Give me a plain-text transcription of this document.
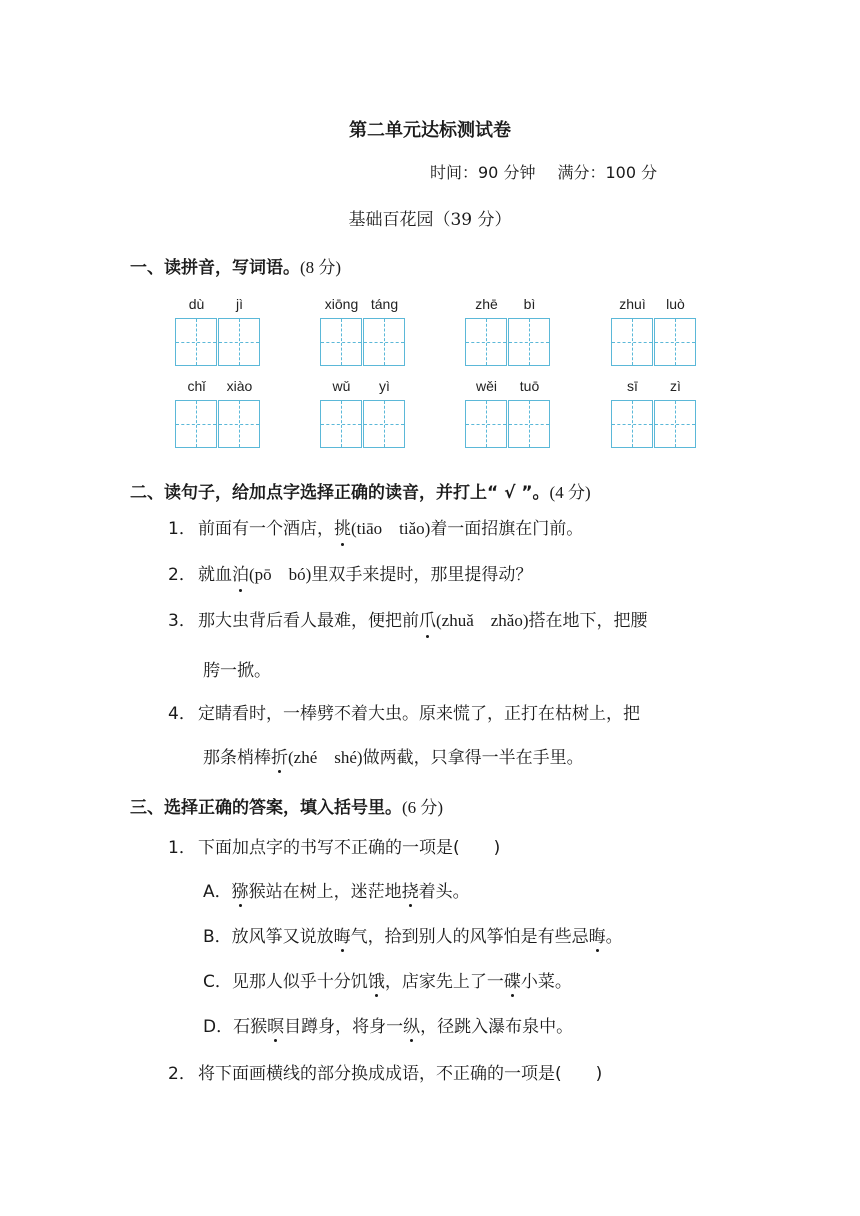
第二单元达标测试卷
时间：90 分钟 满分：100 分
基础百花园（39 分）
一、读拼音，写词语。(8 分)
dù	jì	xiōng táng	zhē	bì	zhuì	luò
chǐ	xiào	wǔ	yì	wěi	tuō	sī	zì
二、读句子，给加点字选择正确的读音，并打上“ √ ”。(4 分)
1． 前面有一个酒店，挑(tiāo　tiǎo)着一面招旗在门前。
2． 就血泊(pō　bó)里双手来提时，那里提得动？
3． 那大虫背后看人最难，便把前爪(zhuǎ　zhǎo)搭在地下，把腰
胯一掀。
4． 定睛看时，一棒劈不着大虫。原来慌了，正打在枯树上，把
那条梢棒折(zhé　shé)做两截，只拿得一半在手里。
三、选择正确的答案，填入括号里。(6 分)
1． 下面加点字的书写不正确的一项是(　　)
A．猕猴站在树上，迷茫地挠着头。
B．放风筝又说放晦气，拾到别人的风筝怕是有些忌晦。
C．见那人似乎十分饥饿，店家先上了一碟小菜。
D．石猴暝目蹲身，将身一纵，径跳入瀑布泉中。
2． 将下面画横线的部分换成成语，不正确的一项是(　　)
